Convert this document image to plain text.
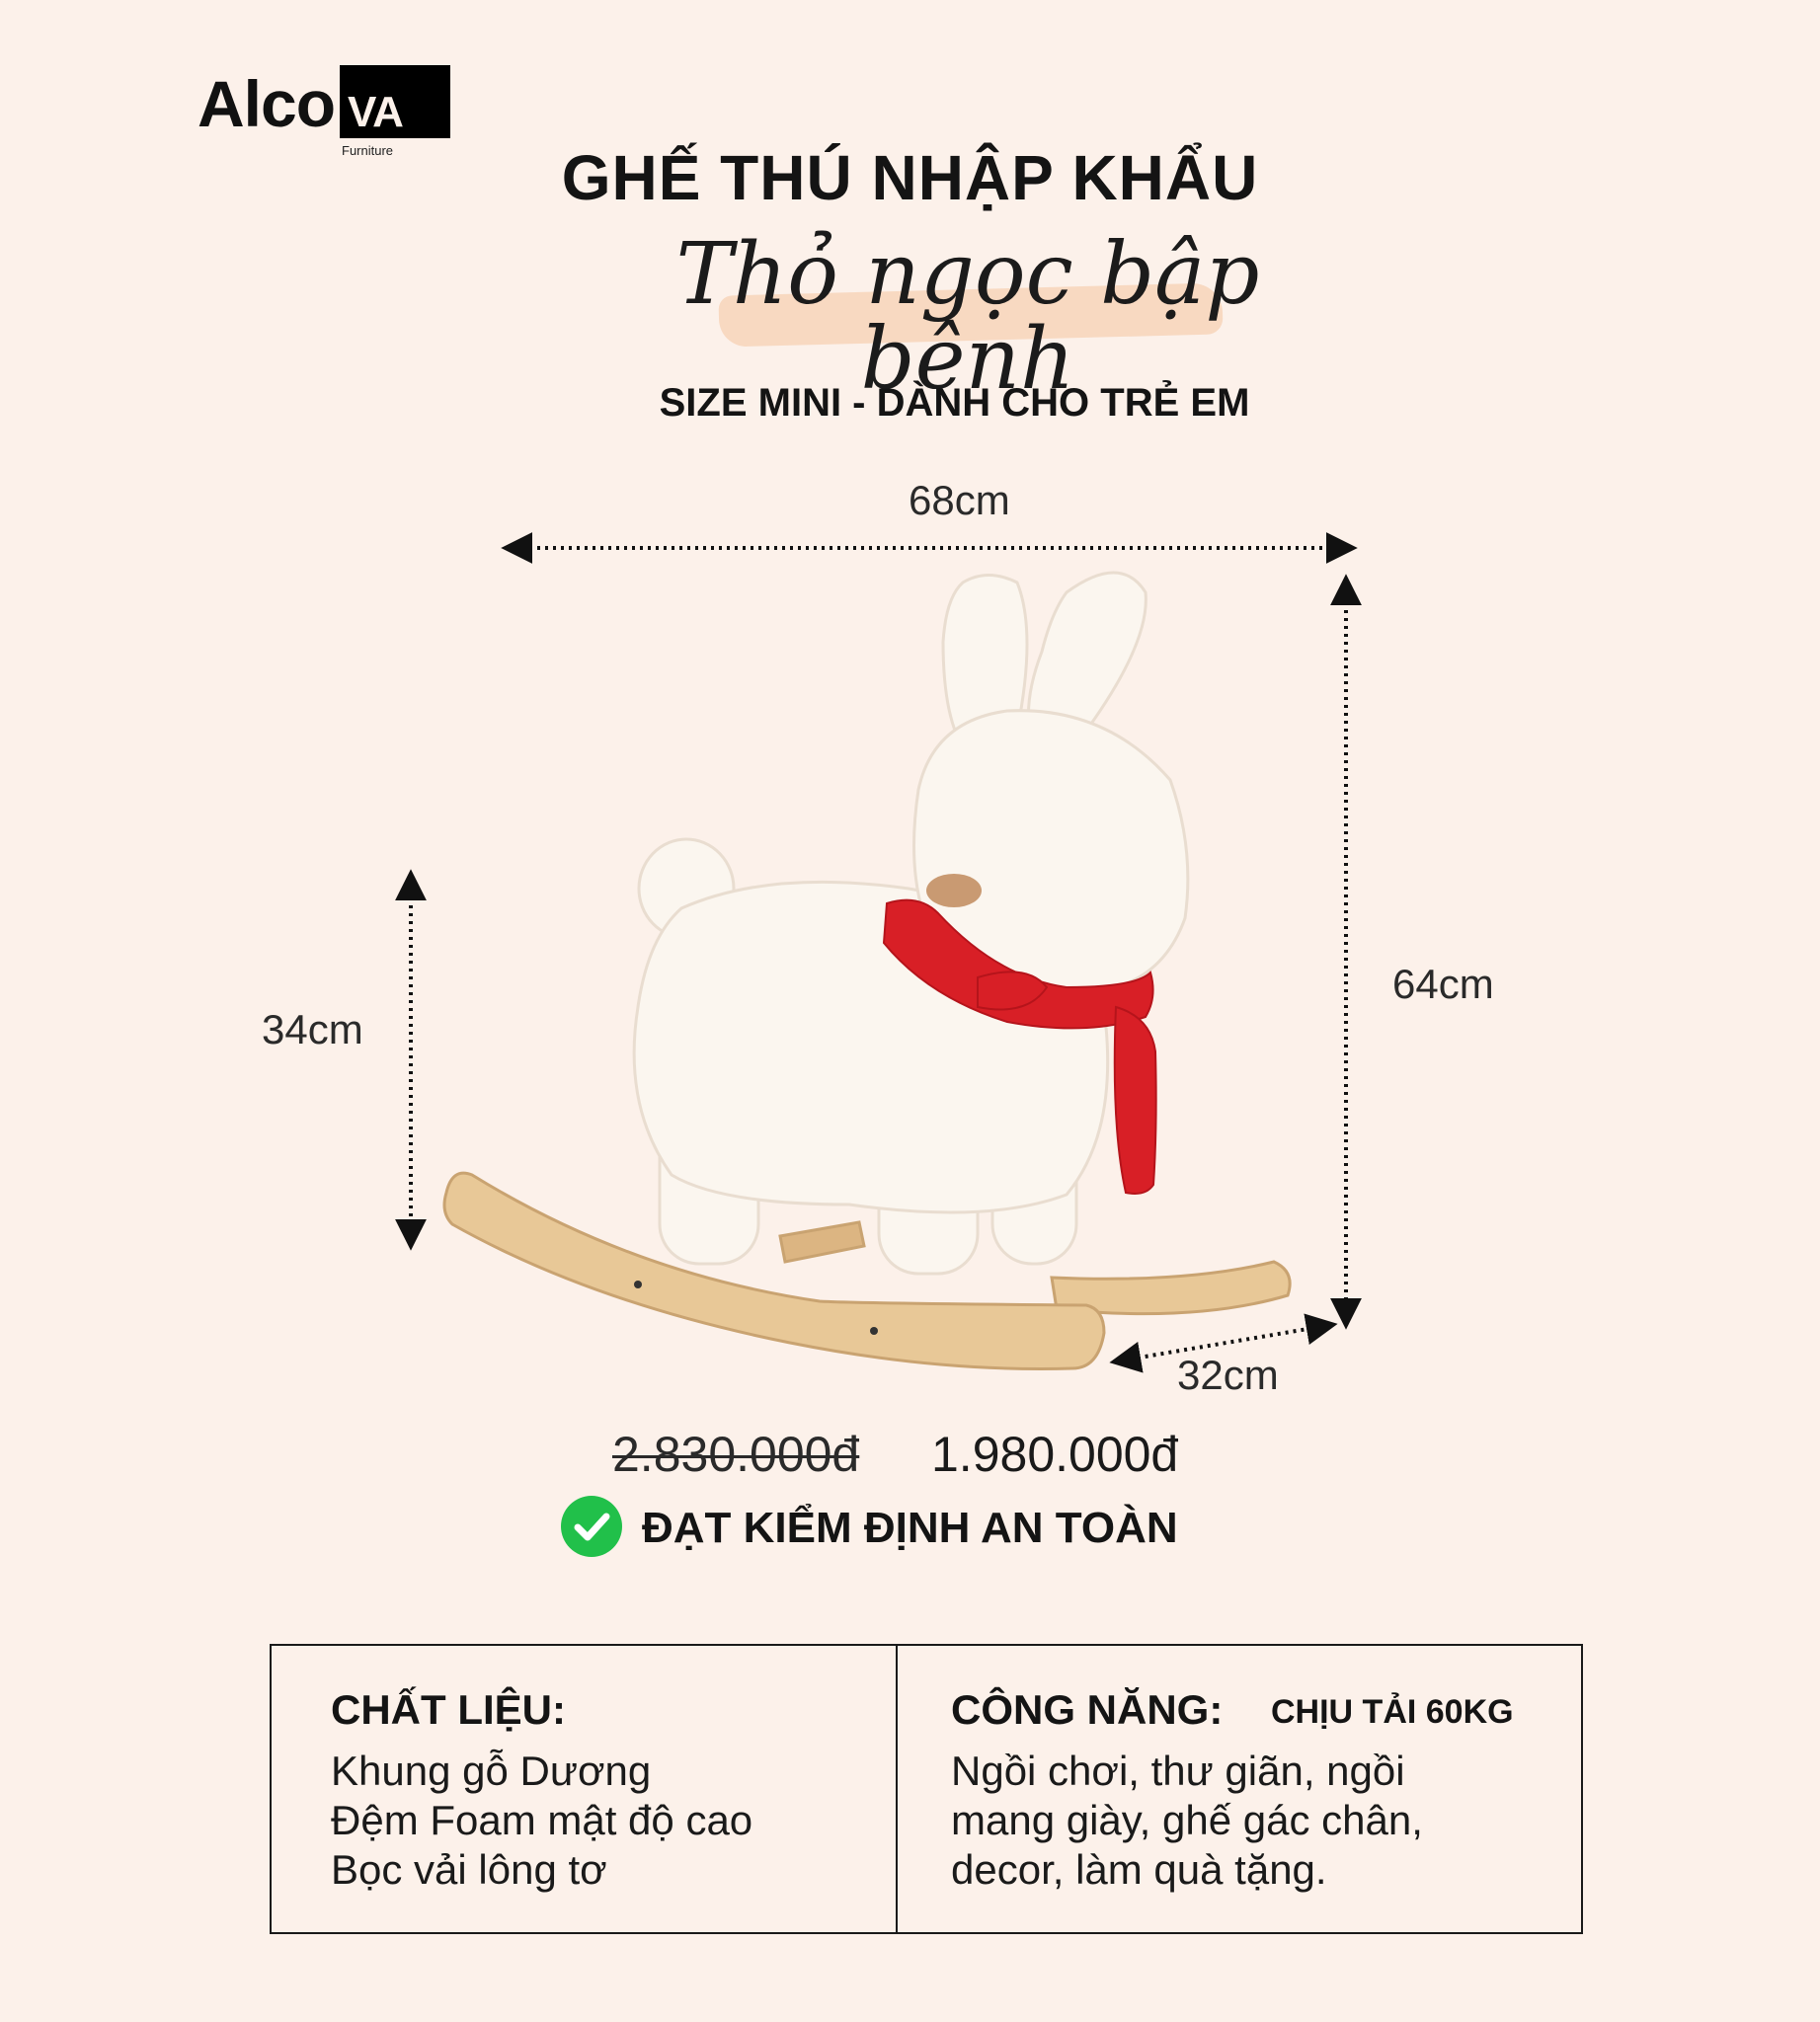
Alco VA
Furniture	GHẾ THÚ NHẬP KHẨU
Thỏ ngọc bập bênh
SIZE MINI - DÀNH CHO TRẺ EM
68cm
64cm
34cm
32cm
2.830.000đ 1.980.000đ
ĐẠT KIỂM ĐỊNH AN TOÀN
CHẤT LIỆU:
Khung gỗ Dương
Đệm Foam mật độ cao
Bọc vải lông tơ
CÔNG NĂNG: CHỊU TẢI 60KG
Ngồi chơi, thư giãn, ngồi
mang giày, ghế gác chân,
decor, làm quà tặng.
